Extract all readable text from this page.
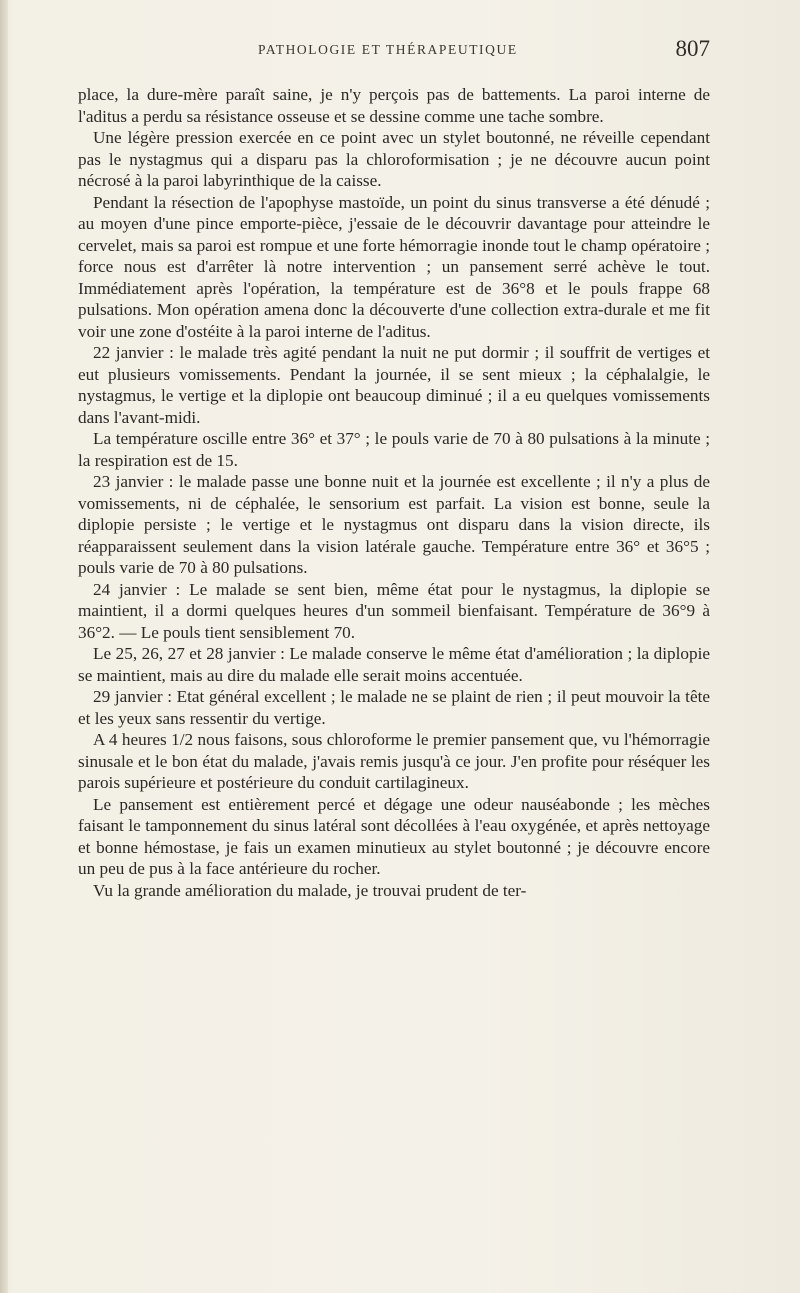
PATHOLOGIE ET THÉRAPEUTIQUE	807

place, la dure-mère paraît saine, je n'y perçois pas de battements. La paroi interne de l'aditus a perdu sa résistance osseuse et se dessine comme une tache sombre.

Une légère pression exercée en ce point avec un stylet boutonné, ne réveille cependant pas le nystagmus qui a disparu pas la chloroformisation ; je ne découvre aucun point nécrosé à la paroi labyrinthique de la caisse.

Pendant la résection de l'apophyse mastoïde, un point du sinus transverse a été dénudé ; au moyen d'une pince emporte-pièce, j'essaie de le découvrir davantage pour atteindre le cervelet, mais sa paroi est rompue et une forte hémorragie inonde tout le champ opératoire ; force nous est d'arrêter là notre intervention ; un pansement serré achève le tout. Immédiatement après l'opération, la température est de 36°8 et le pouls frappe 68 pulsations. Mon opération amena donc la découverte d'une collection extra-durale et me fit voir une zone d'ostéite à la paroi interne de l'aditus.

22 janvier : le malade très agité pendant la nuit ne put dormir ; il souffrit de vertiges et eut plusieurs vomissements. Pendant la journée, il se sent mieux ; la céphalalgie, le nystagmus, le vertige et la diplopie ont beaucoup diminué ; il a eu quelques vomissements dans l'avant-midi.

La température oscille entre 36° et 37° ; le pouls varie de 70 à 80 pulsations à la minute ; la respiration est de 15.

23 janvier : le malade passe une bonne nuit et la journée est excellente ; il n'y a plus de vomissements, ni de céphalée, le sensorium est parfait. La vision est bonne, seule la diplopie persiste ; le vertige et le nystagmus ont disparu dans la vision directe, ils réapparaissent seulement dans la vision latérale gauche. Température entre 36° et 36°5 ; pouls varie de 70 à 80 pulsations.

24 janvier : Le malade se sent bien, même état pour le nystagmus, la diplopie se maintient, il a dormi quelques heures d'un sommeil bienfaisant. Température de 36°9 à 36°2. — Le pouls tient sensiblement 70.

Le 25, 26, 27 et 28 janvier : Le malade conserve le même état d'amélioration ; la diplopie se maintient, mais au dire du malade elle serait moins accentuée.

29 janvier : Etat général excellent ; le malade ne se plaint de rien ; il peut mouvoir la tête et les yeux sans ressentir du vertige.

A 4 heures 1/2 nous faisons, sous chloroforme le premier pansement que, vu l'hémorragie sinusale et le bon état du malade, j'avais remis jusqu'à ce jour. J'en profite pour réséquer les parois supérieure et postérieure du conduit cartilagineux.

Le pansement est entièrement percé et dégage une odeur nauséabonde ; les mèches faisant le tamponnement du sinus latéral sont décollées à l'eau oxygénée, et après nettoyage et bonne hémostase, je fais un examen minutieux au stylet boutonné ; je découvre encore un peu de pus à la face antérieure du rocher.

Vu la grande amélioration du malade, je trouvai prudent de ter-
